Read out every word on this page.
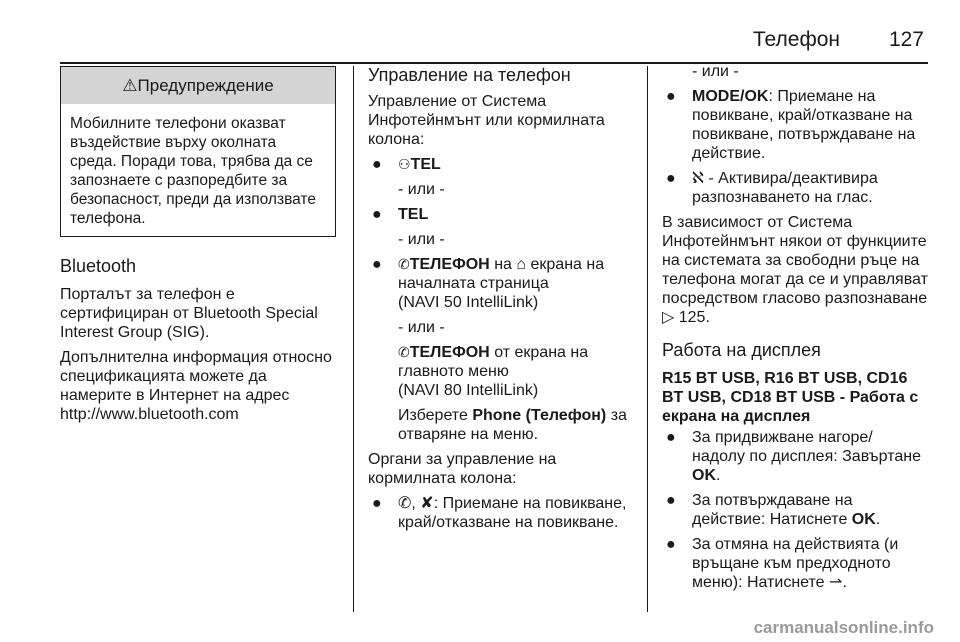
Телефон 127
⚠Предупреждение
Мобилните телефони оказват въздействие върху околната среда. Поради това, трябва да се запознаете с разпоредбите за безопасност, преди да използвате телефона.
Bluetooth

Порталът за телефон е сертифициран от Bluetooth Special Interest Group (SIG).

Допълнителна информация относно спецификацията можете да намерите в Интернет на адрес http://www.bluetooth.com

Управление на телефон

Управление от Система Инфотейнмънт или кормилната колона:

● ⚇TEL
- или -
● TEL
- или -
● ✆ТЕЛЕФОН на ⌂ екрана на началната страница
(NAVI 50 IntelliLink)
- или -
✆ТЕЛЕФОН от екрана на главното меню
(NAVI 80 IntelliLink)
Изберете Phone (Телефон) за отваряне на меню.

Органи за управление на кормилната колона:

● ✆, ✘: Приемане на повикване, край/отказване на повикване.
- или -
● MODE/OK: Приемане на повикване, край/отказване на повикване, потвърждаване на действие.
● ℵ - Активира/деактивира разпознаването на глас.

В зависимост от Система Инфотейнмънт някои от функциите на системата за свободни ръце на телефона могат да се и управляват посредством гласово разпознаване ▷ 125.

Работа на дисплея
R15 BT USB, R16 BT USB, CD16 BT USB, CD18 BT USB - Работа с екрана на дисплея
● За придвижване нагоре/ надолу по дисплея: Завъртане OK.
● За потвърждаване на действие: Натиснете OK.
● За отмяна на действията (и връщане към предходното меню): Натиснете ⇀.
carmanualsonline.info
